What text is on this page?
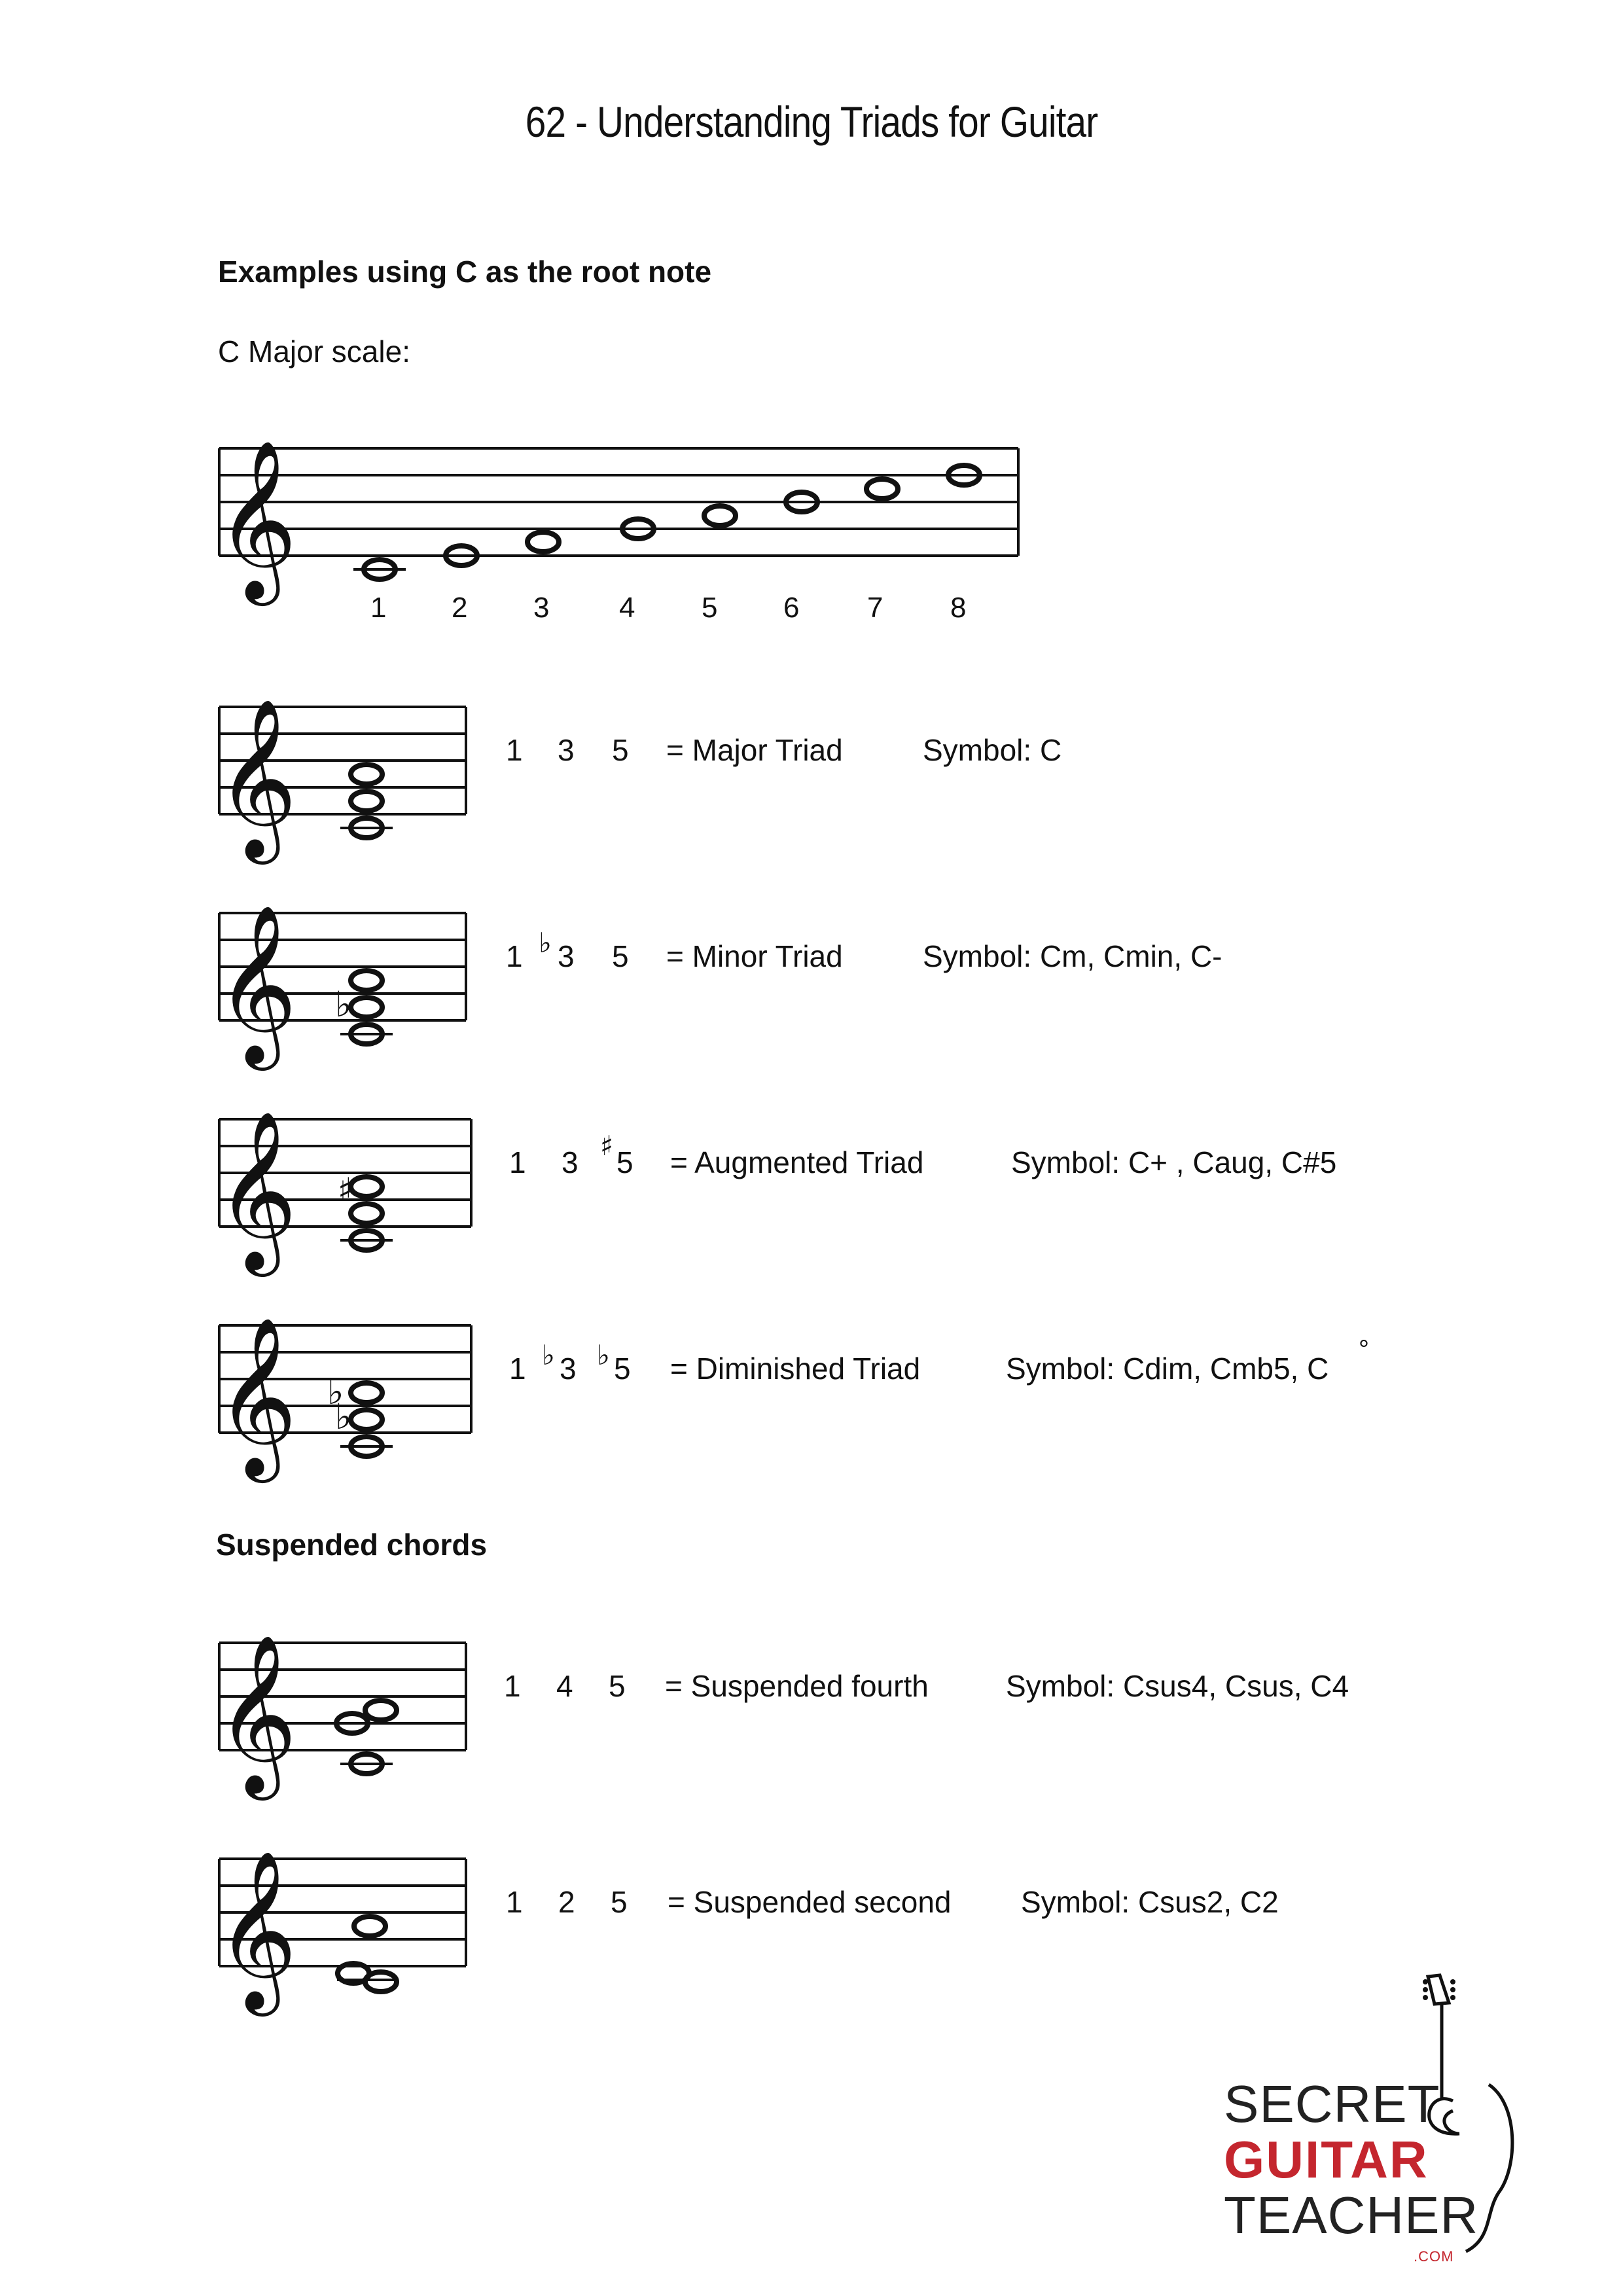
62 - Understanding Triads for Guitar
Examples using C as the root note
C Major scale:
𝄞
1 2 3 4 5 6 7 8
𝄞	1 3 5 = Major Triad	Symbol: C
𝄞 ♭
1 ♭ 3 5 = Minor Triad	Symbol: Cm, Cmin, C-
𝄞 ♯
1 3 ♯ 5 = Augmented Triad	Symbol: C+ , Caug, C#5
𝄞 ♭
♭
1 ♭ 3 ♭ 5 = Diminished Triad	Symbol: Cdim, Cmb5, C
°
Suspended chords
𝄞	1 4 5 = Suspended fourth	Symbol: Csus4, Csus, C4
𝄞	1 2 5 = Suspended second Symbol: Csus2, C2
SECRET
GUITAR
TEACHER
.COM
